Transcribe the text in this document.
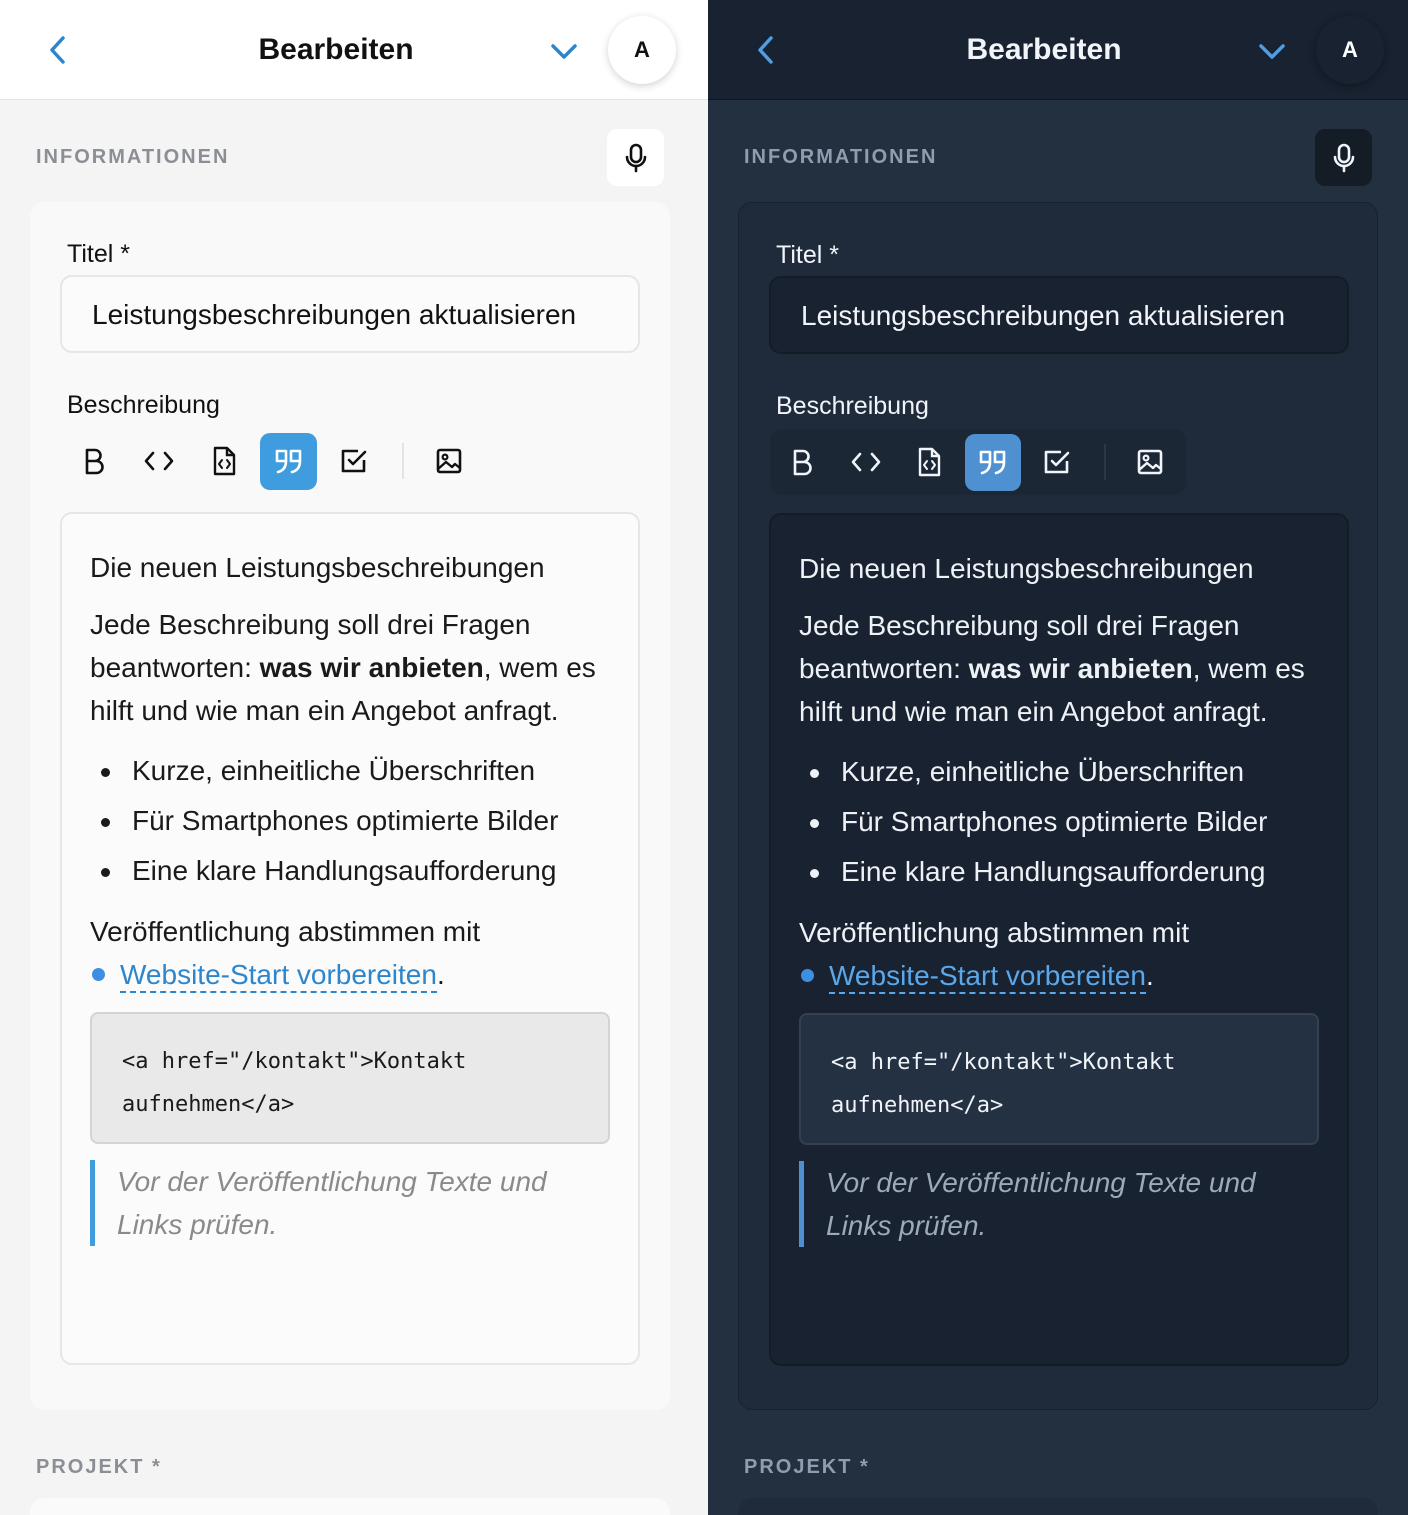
Bearbeiten	A
INFORMATIONEN
Titel *
Leistungsbeschreibungen aktualisieren
Beschreibung
Die neuen Leistungsbeschreibungen
Jede Beschreibung soll drei Fragen beantworten: was wir anbieten, wem es hilft und wie man ein Angebot anfragt.
Kurze, einheitliche Überschriften
Für Smartphones optimierte Bilder
Eine klare Handlungsaufforderung
Veröffentlichung abstimmen mit
Website-Start vorbereiten.
<a href="/kontakt">Kontakt
aufnehmen</a>
Vor der Veröffentlichung Texte und Links prüfen.
PROJEKT *
Bearbeiten	A
INFORMATIONEN
Titel *
Leistungsbeschreibungen aktualisieren
Beschreibung
Die neuen Leistungsbeschreibungen
Jede Beschreibung soll drei Fragen beantworten: was wir anbieten, wem es hilft und wie man ein Angebot anfragt.
Kurze, einheitliche Überschriften
Für Smartphones optimierte Bilder
Eine klare Handlungsaufforderung
Veröffentlichung abstimmen mit
Website-Start vorbereiten.
<a href="/kontakt">Kontakt
aufnehmen</a>
Vor der Veröffentlichung Texte und Links prüfen.
PROJEKT *
